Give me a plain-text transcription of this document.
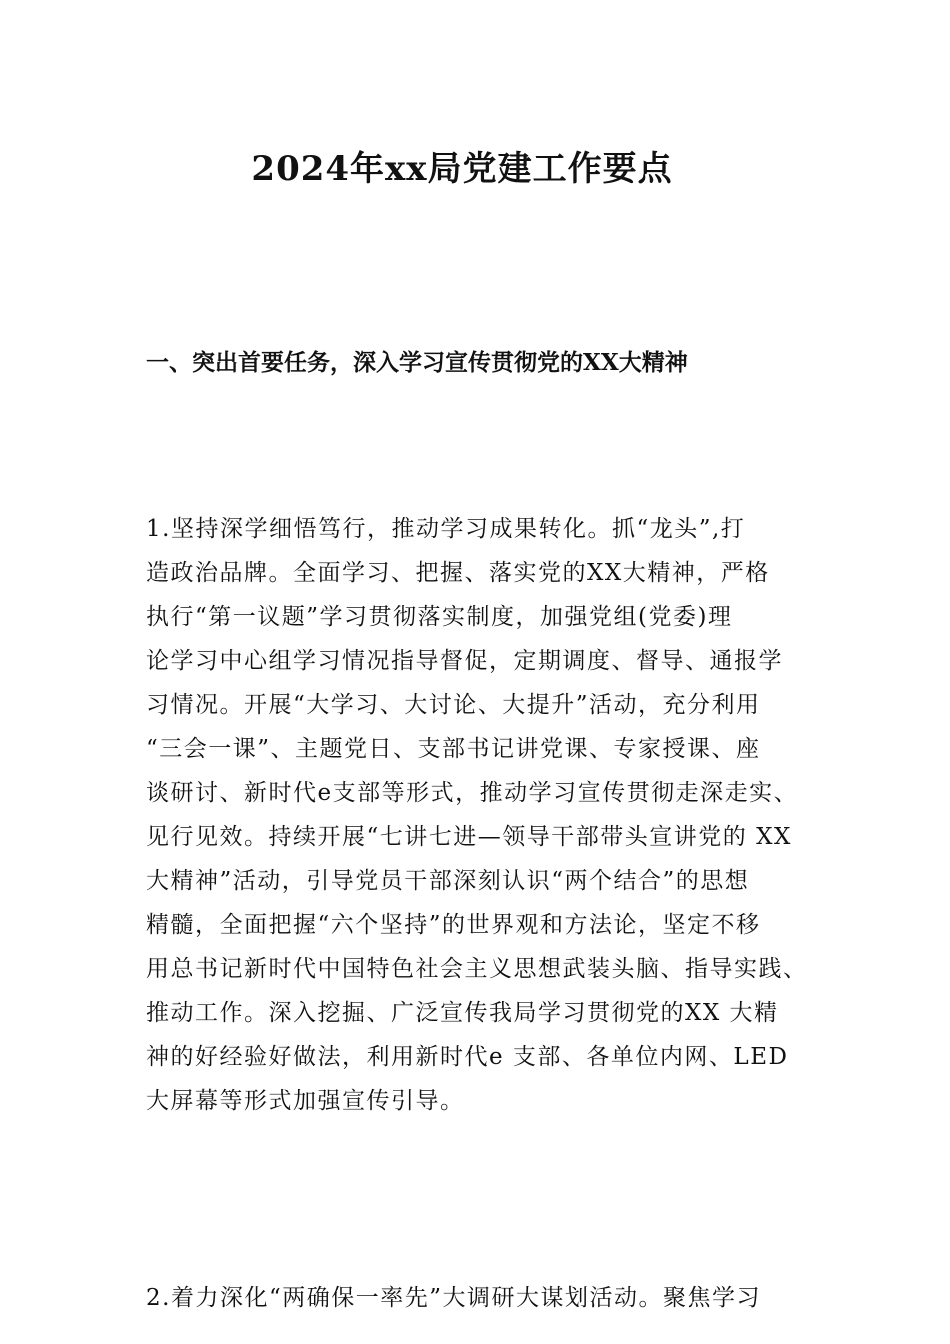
2024年xx局党建工作要点
一、突出首要任务，深入学习宣传贯彻党的XX大精神
1.坚持深学细悟笃行，推动学习成果转化。抓“龙头”,打
造政治品牌。全面学习、把握、落实党的XX大精神，严格
执行“第一议题”学习贯彻落实制度，加强党组(党委)理
论学习中心组学习情况指导督促，定期调度、督导、通报学
习情况。开展“大学习、大讨论、大提升”活动，充分利用
“三会一课”、主题党日、支部书记讲党课、专家授课、座
谈研讨、新时代e支部等形式，推动学习宣传贯彻走深走实、
见行见效。持续开展“七讲七进—领导干部带头宣讲党的 XX
大精神”活动，引导党员干部深刻认识“两个结合”的思想
精髓，全面把握“六个坚持”的世界观和方法论，坚定不移
用总书记新时代中国特色社会主义思想武装头脑、指导实践、
推动工作。深入挖掘、广泛宣传我局学习贯彻党的XX 大精
神的好经验好做法，利用新时代e 支部、各单位内网、LED
大屏幕等形式加强宣传引导。
2.着力深化“两确保一率先”大调研大谋划活动。聚焦学习
